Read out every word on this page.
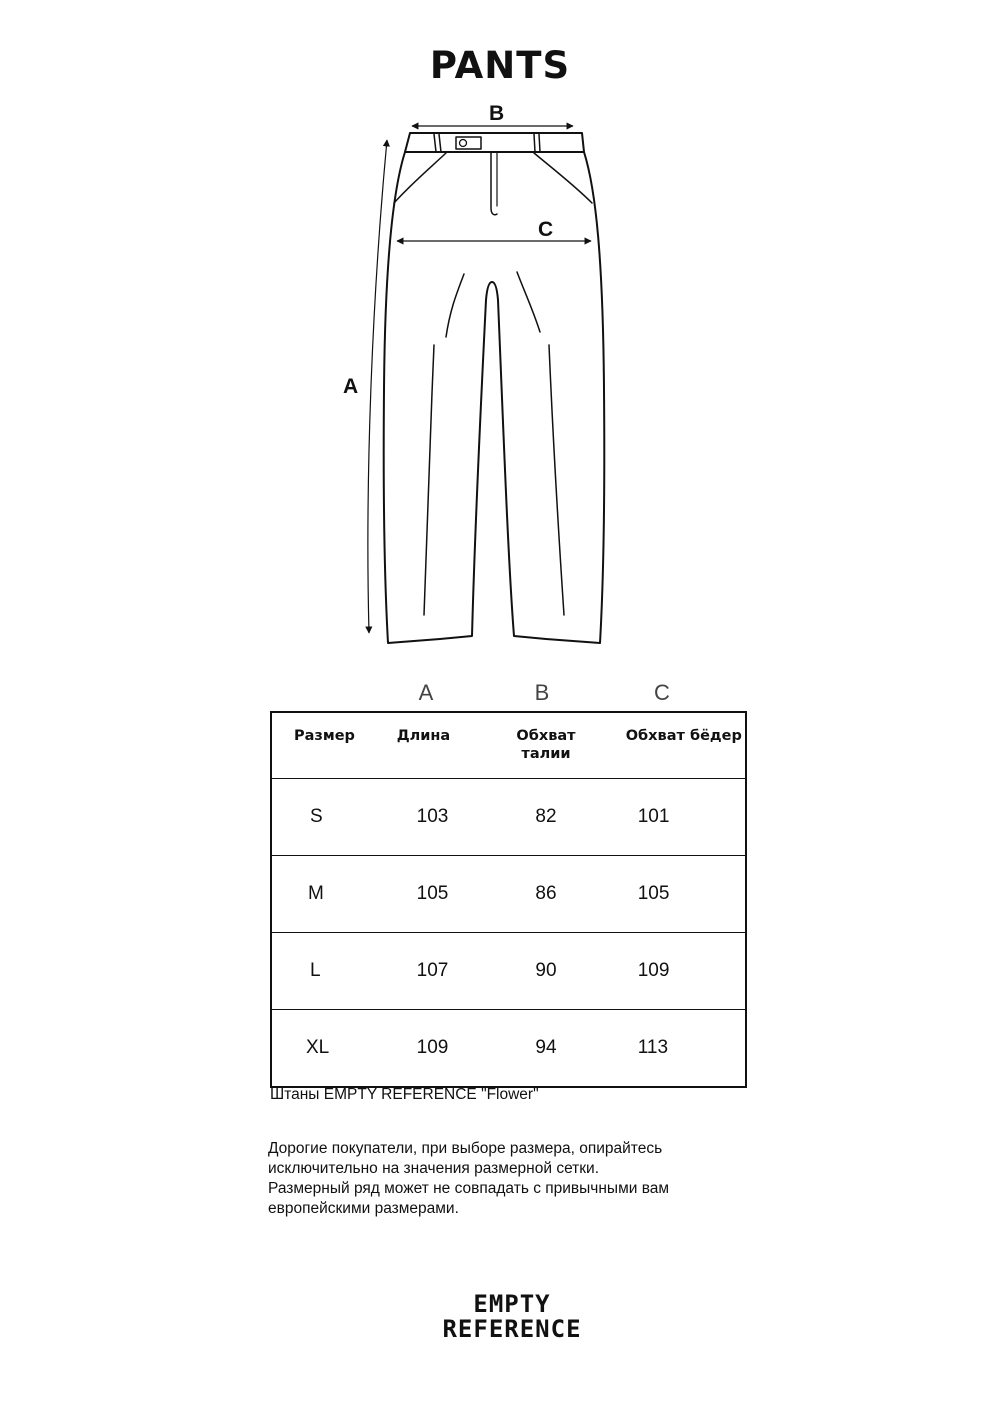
PANTS
B
C
A
A	B	C
Размер	Длина	Обхват талии	Обхват бёдер
S	103	82	101
M	105	86	105
L	107	90	109
XL	109	94	113
Штаны EMPTY REFERENCE "Flower"
Дорогие покупатели, при выборе размера, опирайтесь
исключительно на значения размерной сетки.
Размерный ряд может не совпадать с привычными вам
европейскими размерами.
EMPTY
REFERENCE
